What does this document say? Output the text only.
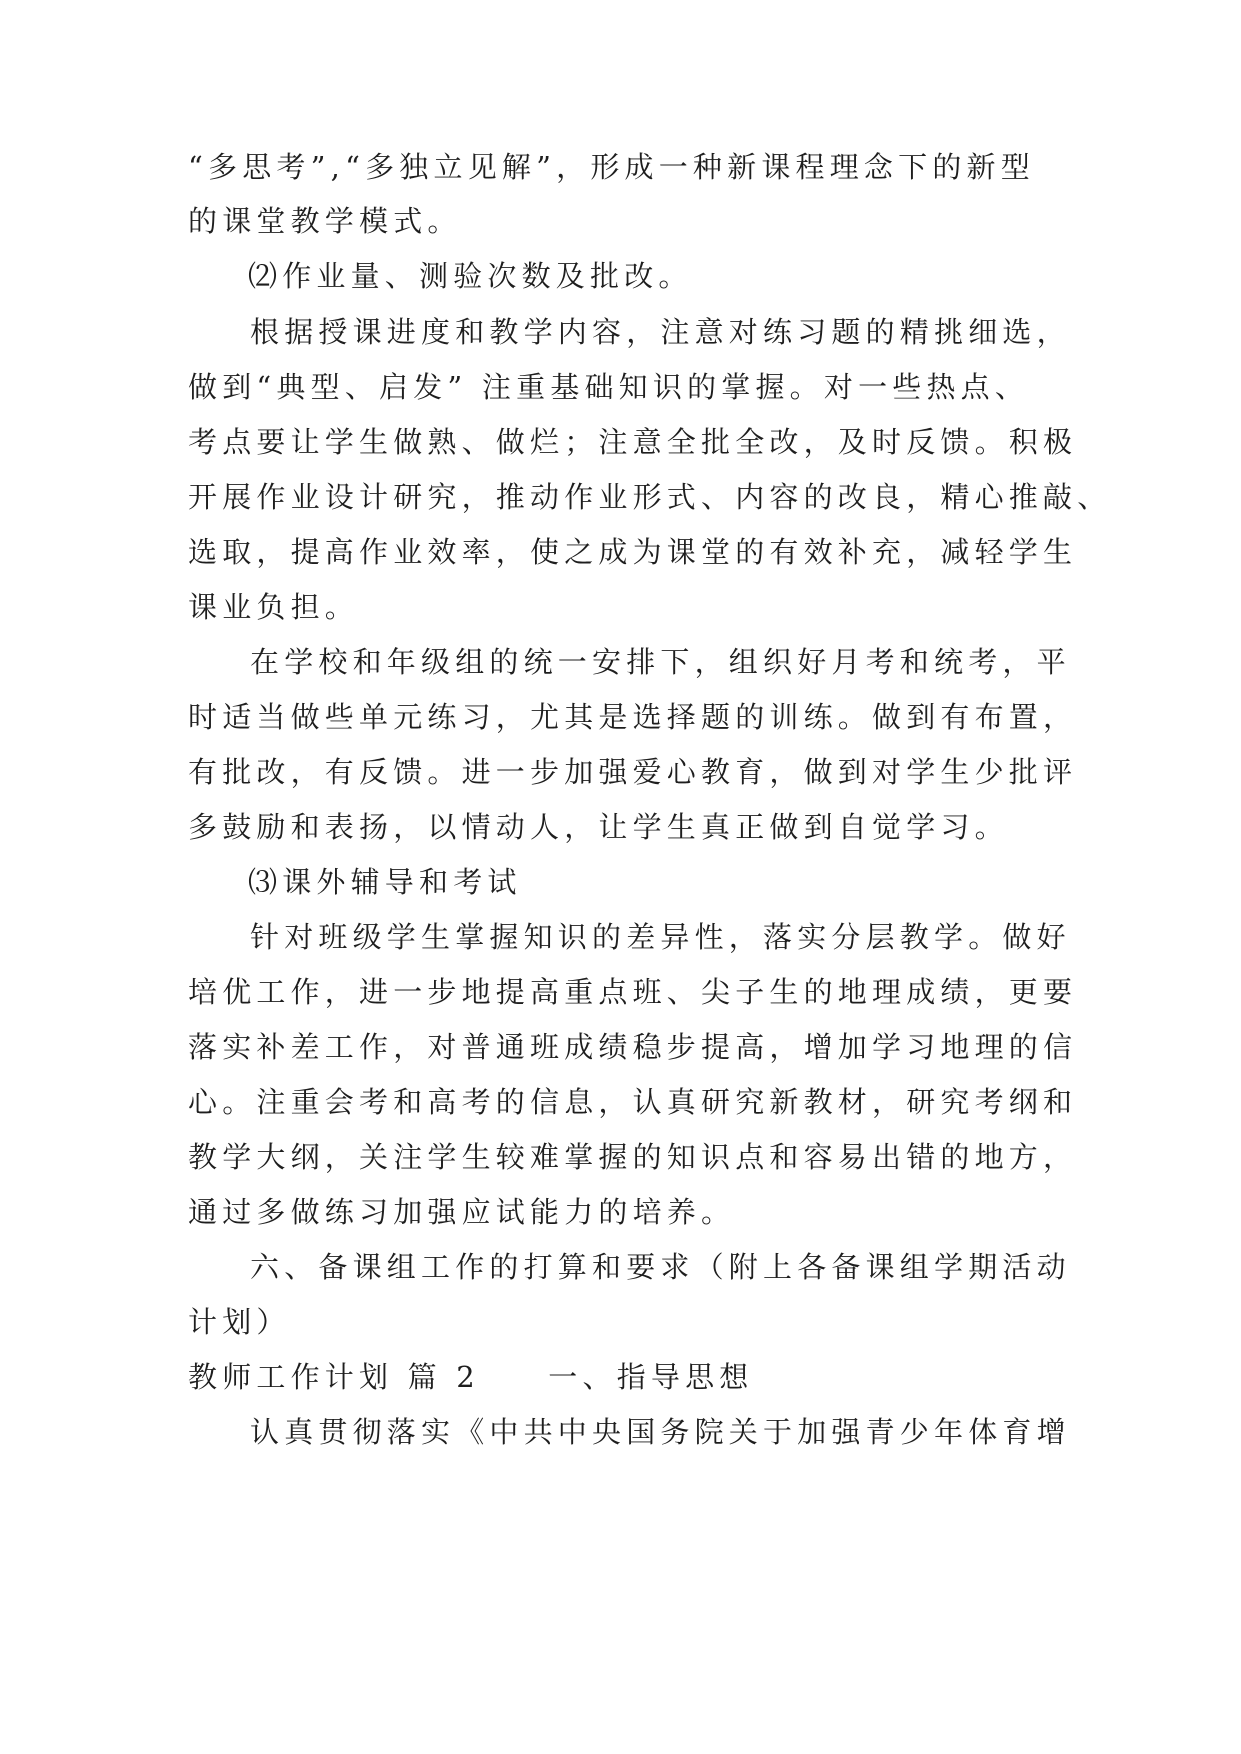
“多思考”,“多独立见解”，形成一种新课程理念下的新型
的课堂教学模式。
⑵作业量、测验次数及批改。
根据授课进度和教学内容，注意对练习题的精挑细选，
做到“典型、启发” 注重基础知识的掌握。对一些热点、
考点要让学生做熟、做烂；注意全批全改，及时反馈。积极
开展作业设计研究，推动作业形式、内容的改良，精心推敲、
选取，提高作业效率，使之成为课堂的有效补充，减轻学生
课业负担。
在学校和年级组的统一安排下，组织好月考和统考，平
时适当做些单元练习，尤其是选择题的训练。做到有布置，
有批改，有反馈。进一步加强爱心教育，做到对学生少批评
多鼓励和表扬，以情动人，让学生真正做到自觉学习。
⑶课外辅导和考试
针对班级学生掌握知识的差异性，落实分层教学。做好
培优工作，进一步地提高重点班、尖子生的地理成绩，更要
落实补差工作，对普通班成绩稳步提高，增加学习地理的信
心。注重会考和高考的信息，认真研究新教材，研究考纲和
教学大纲，关注学生较难掌握的知识点和容易出错的地方，
通过多做练习加强应试能力的培养。
六、备课组工作的打算和要求（附上各备课组学期活动
计划）
教师工作计划 篇 2　　一、指导思想
认真贯彻落实《中共中央国务院关于加强青少年体育增
